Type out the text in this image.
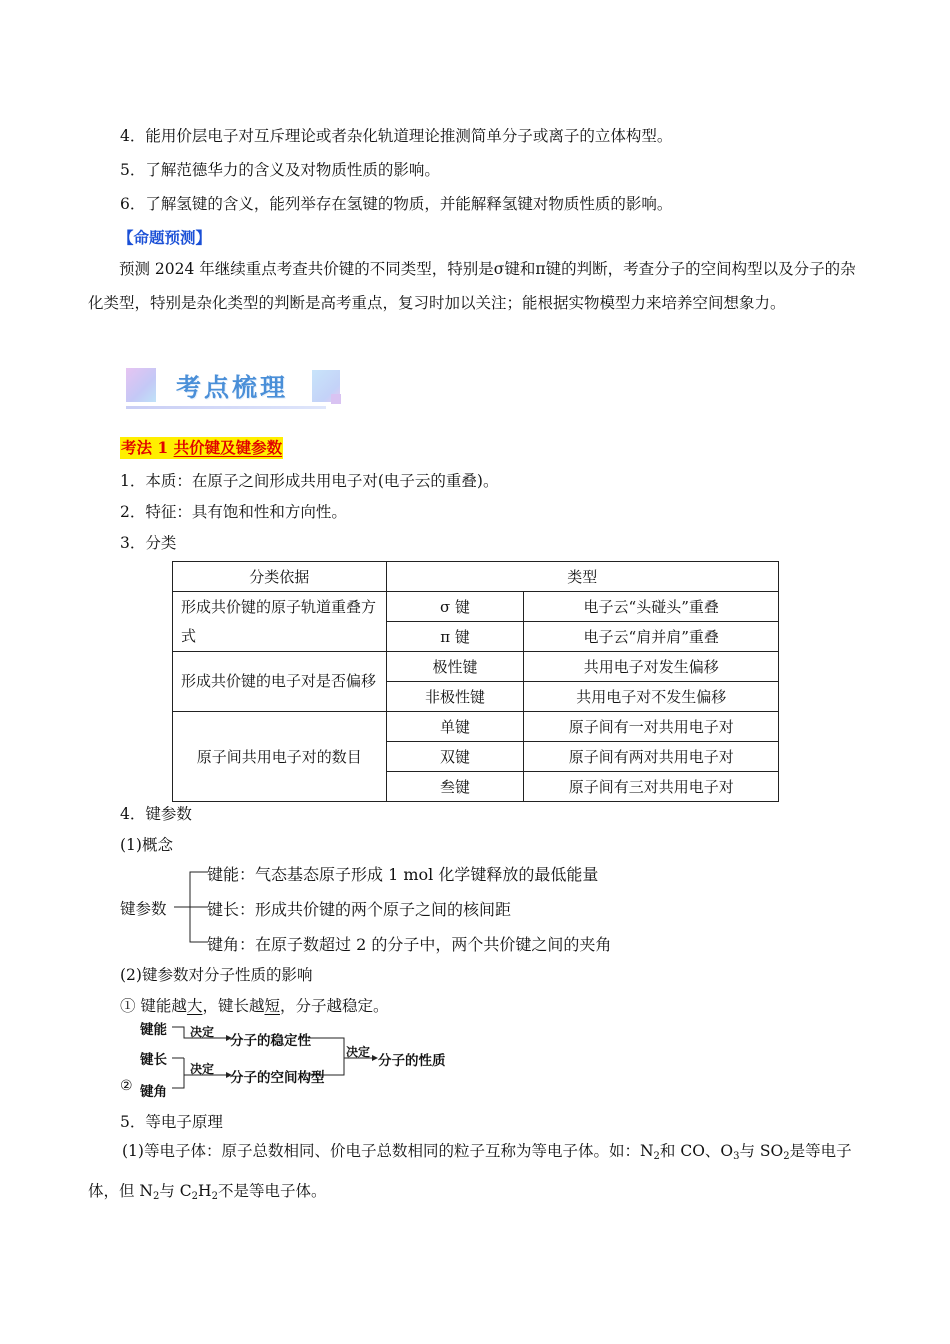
4．能用价层电子对互斥理论或者杂化轨道理论推测简单分子或离子的立体构型。
5．了解范德华力的含义及对物质性质的影响。
6．了解氢键的含义，能列举存在氢键的物质，并能解释氢键对物质性质的影响。
【命题预测】
预测 2024 年继续重点考查共价键的不同类型，特别是σ键和π键的判断，考查分子的空间构型以及分子的杂化类型，特别是杂化类型的判断是高考重点，复习时加以关注；能根据实物模型力来培养空间想象力。
考点梳理
考法 1 共价键及键参数
1．本质：在原子之间形成共用电子对(电子云的重叠)。
2．特征：具有饱和性和方向性。
3．分类
分类依据	类型	
形成共价键的原子轨道重叠方式	σ 键	电子云“头碰头”重叠
	π 键	电子云“肩并肩”重叠
形成共价键的电子对是否偏移	极性键	共用电子对发生偏移
	非极性键	共用电子对不发生偏移
原子间共用电子对的数目	单键	原子间有一对共用电子对
	双键	原子间有两对共用电子对
	叁键	原子间有三对共用电子对
4．键参数
(1)概念
键参数
键能：气态基态原子形成 1 mol 化学键释放的最低能量
键长：形成共价键的两个原子之间的核间距
键角：在原子数超过 2 的分子中，两个共价键之间的夹角
(2)键参数对分子性质的影响
① 键能越大，键长越短，分子越稳定。
键能
键长
② 键角
决定
分子的稳定性
决定
分子的空间构型
决定
分子的性质
5．等电子原理
(1)等电子体：原子总数相同、价电子总数相同的粒子互称为等电子体。如：$N_2$和 CO、$O_3$与 $SO_2$是等电子体，但 $N_2$与 $C_2H_2$不是等电子体。
